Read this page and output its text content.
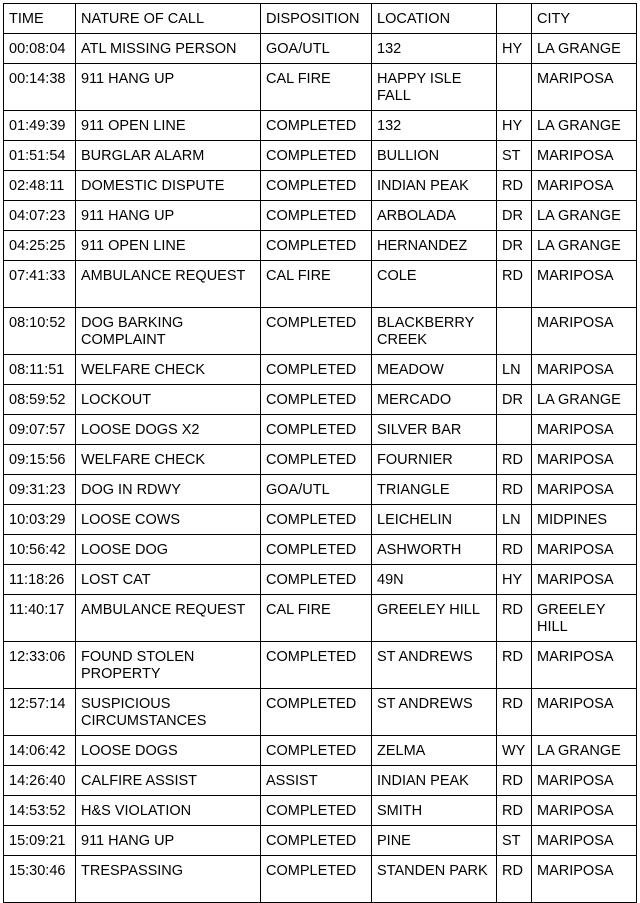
TIME	NATURE OF CALL	DISPOSITION	LOCATION		CITY
00:08:04	ATL MISSING PERSON	GOA/UTL	132	HY	LA GRANGE
00:14:38	911 HANG UP	CAL FIRE	HAPPY ISLE FALL		MARIPOSA
01:49:39	911 OPEN LINE	COMPLETED	132	HY	LA GRANGE
01:51:54	BURGLAR ALARM	COMPLETED	BULLION	ST	MARIPOSA
02:48:11	DOMESTIC DISPUTE	COMPLETED	INDIAN PEAK	RD	MARIPOSA
04:07:23	911 HANG UP	COMPLETED	ARBOLADA	DR	LA GRANGE
04:25:25	911 OPEN LINE	COMPLETED	HERNANDEZ	DR	LA GRANGE
07:41:33	AMBULANCE REQUEST	CAL FIRE	COLE	RD	MARIPOSA
08:10:52	DOG BARKING COMPLAINT	COMPLETED	BLACKBERRY CREEK		MARIPOSA
08:11:51	WELFARE CHECK	COMPLETED	MEADOW	LN	MARIPOSA
08:59:52	LOCKOUT	COMPLETED	MERCADO	DR	LA GRANGE
09:07:57	LOOSE DOGS X2	COMPLETED	SILVER BAR		MARIPOSA
09:15:56	WELFARE CHECK	COMPLETED	FOURNIER	RD	MARIPOSA
09:31:23	DOG IN RDWY	GOA/UTL	TRIANGLE	RD	MARIPOSA
10:03:29	LOOSE COWS	COMPLETED	LEICHELIN	LN	MIDPINES
10:56:42	LOOSE DOG	COMPLETED	ASHWORTH	RD	MARIPOSA
11:18:26	LOST CAT	COMPLETED	49N	HY	MARIPOSA
11:40:17	AMBULANCE REQUEST	CAL FIRE	GREELEY HILL	RD	GREELEY HILL
12:33:06	FOUND STOLEN PROPERTY	COMPLETED	ST ANDREWS	RD	MARIPOSA
12:57:14	SUSPICIOUS CIRCUMSTANCES	COMPLETED	ST ANDREWS	RD	MARIPOSA
14:06:42	LOOSE DOGS	COMPLETED	ZELMA	WY	LA GRANGE
14:26:40	CALFIRE ASSIST	ASSIST	INDIAN PEAK	RD	MARIPOSA
14:53:52	H&S VIOLATION	COMPLETED	SMITH	RD	MARIPOSA
15:09:21	911 HANG UP	COMPLETED	PINE	ST	MARIPOSA
15:30:46	TRESPASSING	COMPLETED	STANDEN PARK	RD	MARIPOSA
